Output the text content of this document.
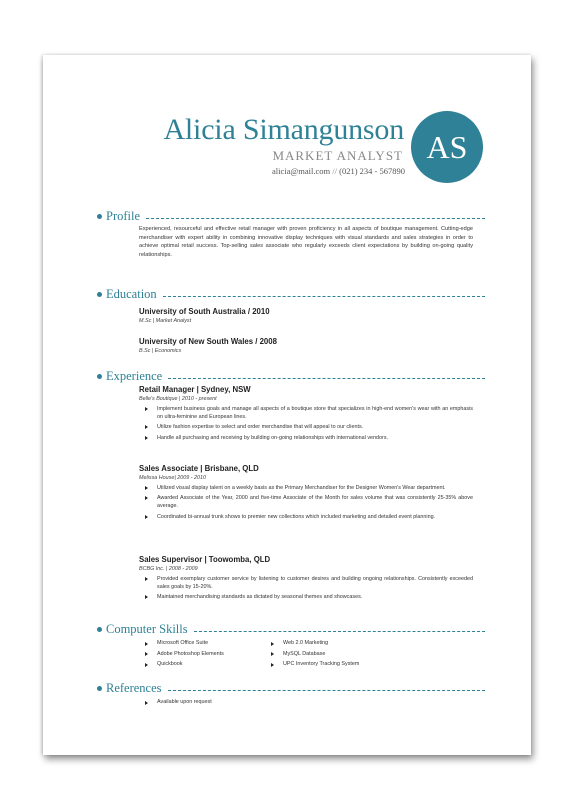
Alicia Simangunson
MARKET ANALYST
alicia@mail.com // (021) 234 - 567890
AS
Profile
Experienced, resourceful and effective retail manager with proven proficiency in all aspects of boutique management. Cutting-edge merchandiser with expert ability in combining innovative display techniques with visual standards and sales strategies in order to achieve optimal retail success. Top-selling sales associate who regularly exceeds client expectations by building on-going quality relationships.
Education
University of South Australia / 2010
M.Sc | Market Analyst
University of New South Wales / 2008
B.Sc | Economics
Experience
Retail Manager | Sydney, NSW
Belle's Boutique | 2010 - present
Implement business goals and manage all aspects of a boutique store that specializes in high-end women's wear with an emphasis on ultra-feminine and European lines.
Utilize fashion expertise to select and order merchandise that will appeal to our clients.
Handle all purchasing and receiving by building on-going relationships with international vendors.
Sales Associate | Brisbane, QLD
Melissa House| 2009 - 2010
Utilized visual display talent on a weekly basis as the Primary Merchandiser for the Designer Women's Wear department.
Awarded Associate of the Year, 2000 and five-time Associate of the Month for sales volume that was consistently 25-35% above average.
Coordinated bi-annual trunk shows to premier new collections which included marketing and detailed event planning.
Sales Supervisor | Toowomba, QLD
BCBG Inc. | 2008 - 2009
Provided exemplary customer service by listening to customer desires and building ongoing relationships. Consistently exceeded sales goals by 15-20%.
Maintained merchandising standards as dictated by seasonal themes and showcases.
Computer Skills
Microsoft Office Suite	Web 2.0 Marketing
Adobe Photoshop Elements	MySQL Database
Quickbook	UPC Inventory Tracking System
References
Available upon request
